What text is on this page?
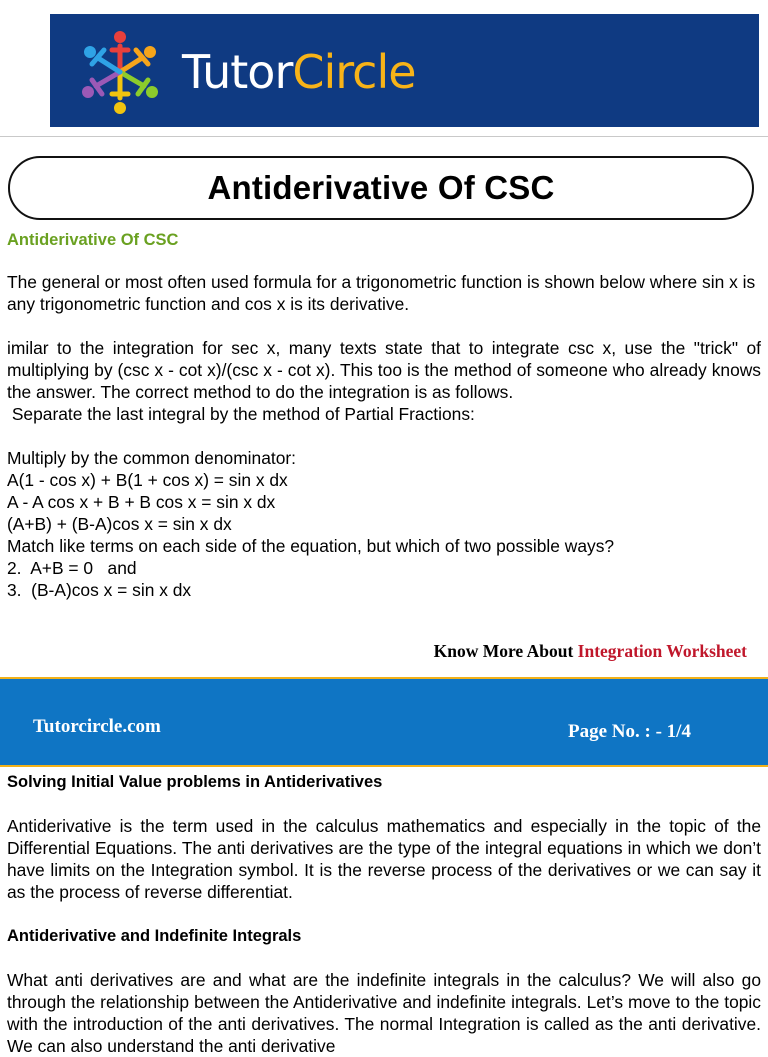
TutorCircle
Antiderivative Of CSC

Antiderivative Of CSC

The general or most often used formula for a trigonometric function is shown below where sin x is any trigonometric function and cos x is its derivative.

imilar to the integration for sec x, many texts state that to integrate csc x, use the "trick" of multiplying by (csc x - cot x)/(csc x - cot x). This too is the method of someone who already knows the answer. The correct method to do the integration is as follows.

Separate the last integral by the method of Partial Fractions:

Multiply by the common denominator:

A(1 - cos x) + B(1 + cos x) = sin x dx

A - A cos x + B + B cos x = sin x dx

(A+B) + (B-A)cos x = sin x dx

Match like terms on each side of the equation, but which of two possible ways?

2.  A+B = 0   and

3.  (B-A)cos x = sin x dx

Know More About Integration Worksheet
Tutorcircle.com	Page No. : - 1/4

Solving Initial Value problems in Antiderivatives

Antiderivative is the term used in the calculus mathematics and especially in the topic of the Differential Equations. The anti derivatives are the type of the integral equations in which we don’t have limits on the Integration symbol. It is the reverse process of the derivatives or we can say it as the process of reverse differentiat.

Antiderivative and Indefinite Integrals

What anti derivatives are and what are the indefinite integrals in the calculus? We will also go through the relationship between the Antiderivative and indefinite integrals. Let’s move to the topic with the introduction of the anti derivatives. The normal Integration is called as the anti derivative. We can also understand the anti derivative
